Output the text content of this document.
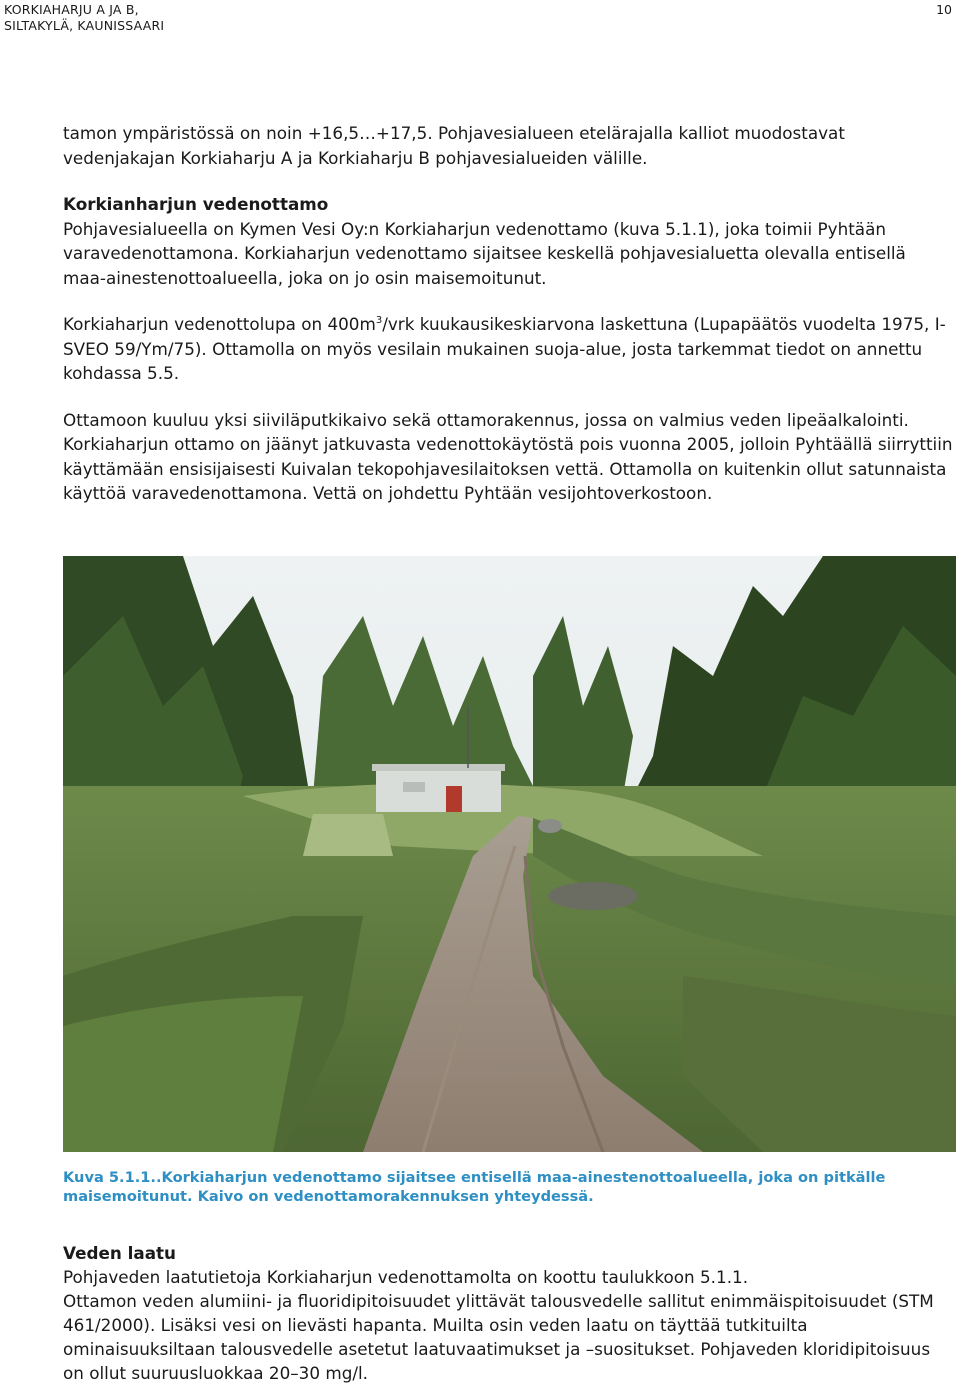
KORKIAHARJU A JA B,
SILTAKYLÄ, KAUNISSAARI
10

tamon ympäristössä on noin +16,5…+17,5. Pohjavesialueen etelärajalla kalliot muodostavat vedenjakajan Korkiaharju A ja Korkiaharju B pohjavesialueiden välille.

Korkianharjun vedenottamo

Pohjavesialueella on Kymen Vesi Oy:n Korkiaharjun vedenottamo (kuva 5.1.1), joka toimii Pyhtään varavedenottamona. Korkiaharjun vedenottamo sijaitsee keskellä pohjavesialuetta olevalla entisellä maa-ainestenottoalueella, joka on jo osin maisemoitunut.

Korkiaharjun vedenottolupa on $400m^3$/vrk kuukausikeskiarvona laskettuna (Lupapäätös vuodelta 1975, I-SVEO 59/Ym/75). Ottamolla on myös vesilain mukainen suoja-alue, josta tarkemmat tiedot on annettu kohdassa 5.5.

Ottamoon kuuluu yksi siiviläputkikaivo sekä ottamorakennus, jossa on valmius veden lipeäalkalointi. Korkiaharjun ottamo on jäänyt jatkuvasta vedenottokäytöstä pois vuonna 2005, jolloin Pyhtäällä siirryttiin käyttämään ensisijaisesti Kuivalan tekopohjavesilaitoksen vettä. Ottamolla on kuitenkin ollut satunnaista käyttöä varavedenottamona. Vettä on johdettu Pyhtään vesijohtoverkostoon.

Kuva 5.1.1..Korkiaharjun vedenottamo sijaitsee entisellä maa-ainestenottoalueella, joka on pitkälle maisemoitunut. Kaivo on vedenottamorakennuksen yhteydessä.

Veden laatu

Pohjaveden laatutietoja Korkiaharjun vedenottamolta on koottu taulukkoon 5.1.1.

Ottamon veden alumiini- ja fluoridipitoisuudet ylittävät talousvedelle sallitut enimmäispitoisuudet (STM 461/2000). Lisäksi vesi on lievästi hapanta. Muilta osin veden laatu on täyttää tutkituilta ominaisuuksiltaan talousvedelle asetetut laatuvaatimukset ja –suositukset. Pohjaveden kloridipitoisuus on ollut suuruusluokkaa 20–30 mg/l.
